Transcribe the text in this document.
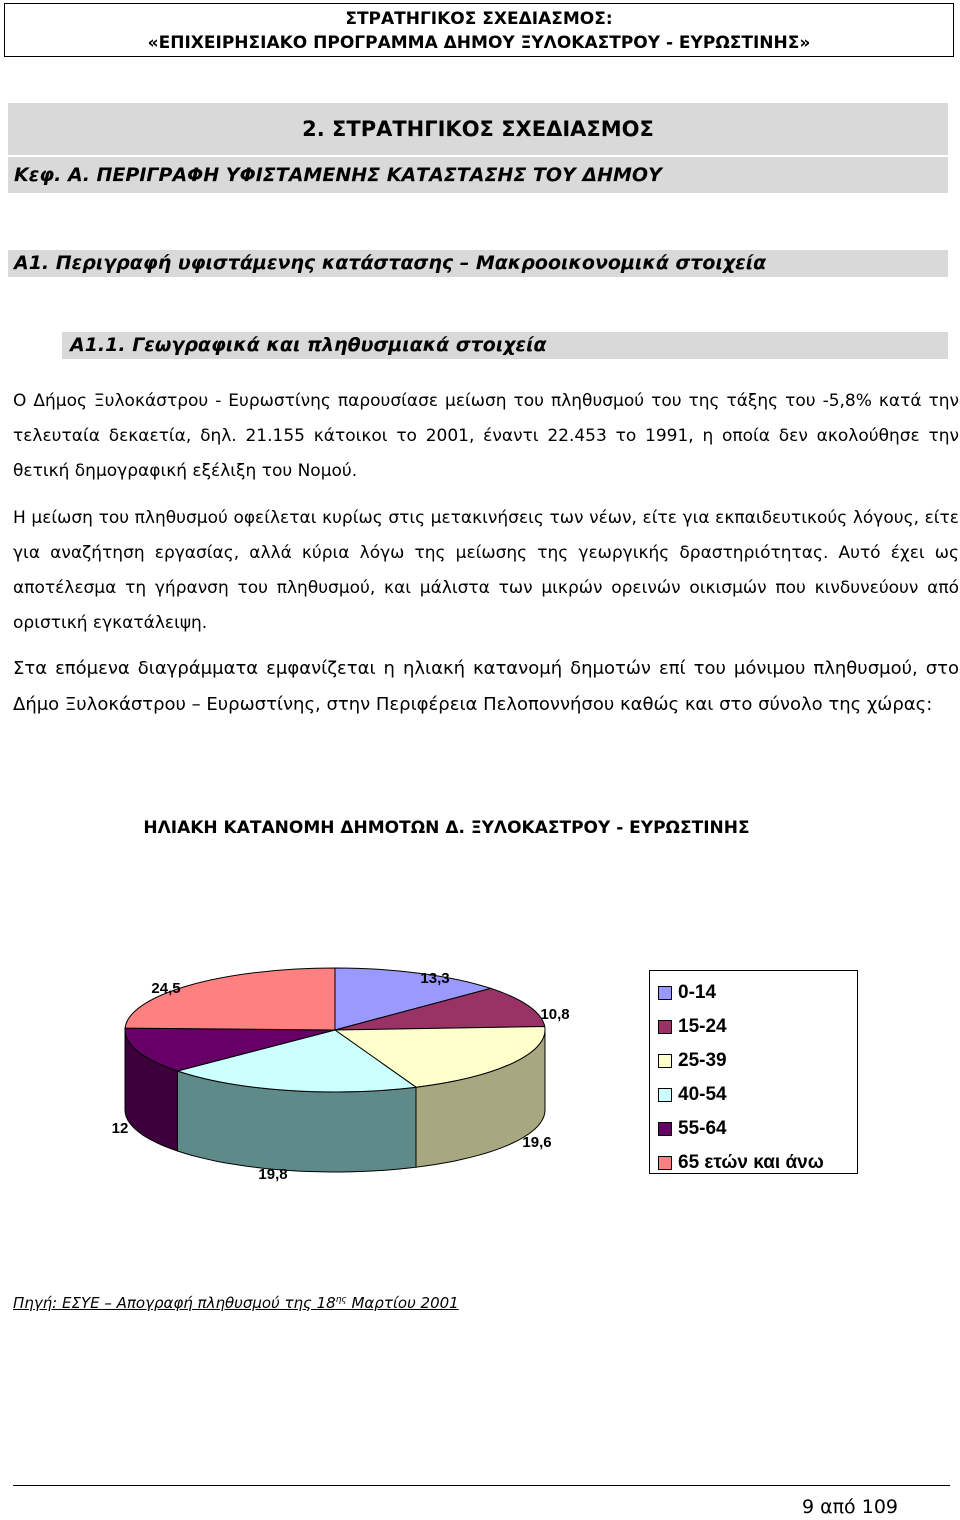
ΣΤΡΑΤΗΓΙΚΟΣ ΣΧΕΔΙΑΣΜΟΣ:
«ΕΠΙΧΕΙΡΗΣΙΑΚΟ ΠΡΟΓΡΑΜΜΑ ΔΗΜΟΥ ΞΥΛΟΚΑΣΤΡΟΥ - ΕΥΡΩΣΤΙΝΗΣ»
2. ΣΤΡΑΤΗΓΙΚΟΣ ΣΧΕΔΙΑΣΜΟΣ
Κεφ. Α. ΠΕΡΙΓΡΑΦΗ ΥΦΙΣΤΑΜΕΝΗΣ ΚΑΤΑΣΤΑΣΗΣ ΤΟΥ ΔΗΜΟΥ
Α1. Περιγραφή υφιστάμενης κατάστασης – Μακροοικονομικά στοιχεία
Α1.1. Γεωγραφικά και πληθυσμιακά στοιχεία

Ο Δήμος Ξυλοκάστρου - Ευρωστίνης παρουσίασε μείωση του πληθυσμού του της τάξης του -5,8% κατά την τελευταία δεκαετία, δηλ. 21.155 κάτοικοι το 2001, έναντι 22.453 το 1991, η οποία δεν ακολούθησε την θετική δημογραφική εξέλιξη του Νομού.

Η μείωση του πληθυσμού οφείλεται κυρίως στις μετακινήσεις των νέων, είτε για εκπαιδευτικούς λόγους, είτε για αναζήτηση εργασίας, αλλά κύρια λόγω της μείωσης της γεωργικής δραστηριότητας. Αυτό έχει ως αποτέλεσμα τη γήρανση του πληθυσμού, και μάλιστα των μικρών ορεινών οικισμών που κινδυνεύουν από οριστική εγκατάλειψη.

Στα επόμενα διαγράμματα εμφανίζεται η ηλιακή κατανομή δημοτών επί του μόνιμου πληθυσμού, στο Δήμο Ξυλοκάστρου – Ευρωστίνης, στην Περιφέρεια Πελοποννήσου καθώς και στο σύνολο της χώρας:

ΗΛΙΑΚΗ ΚΑΤΑΝΟΜΗ ΔΗΜΟΤΩΝ Δ. ΞΥΛΟΚΑΣΤΡΟΥ - ΕΥΡΩΣΤΙΝΗΣ
13,3
10,8
19,6
19,8
12
24,5	0-14
15-24
25-39
40-54
55-64
65 ετών και άνω
Πηγή: ΕΣΥΕ – Απογραφή πληθυσμού της $18^{\eta\varsigma}$ Μαρτίου 2001
9 από 109
